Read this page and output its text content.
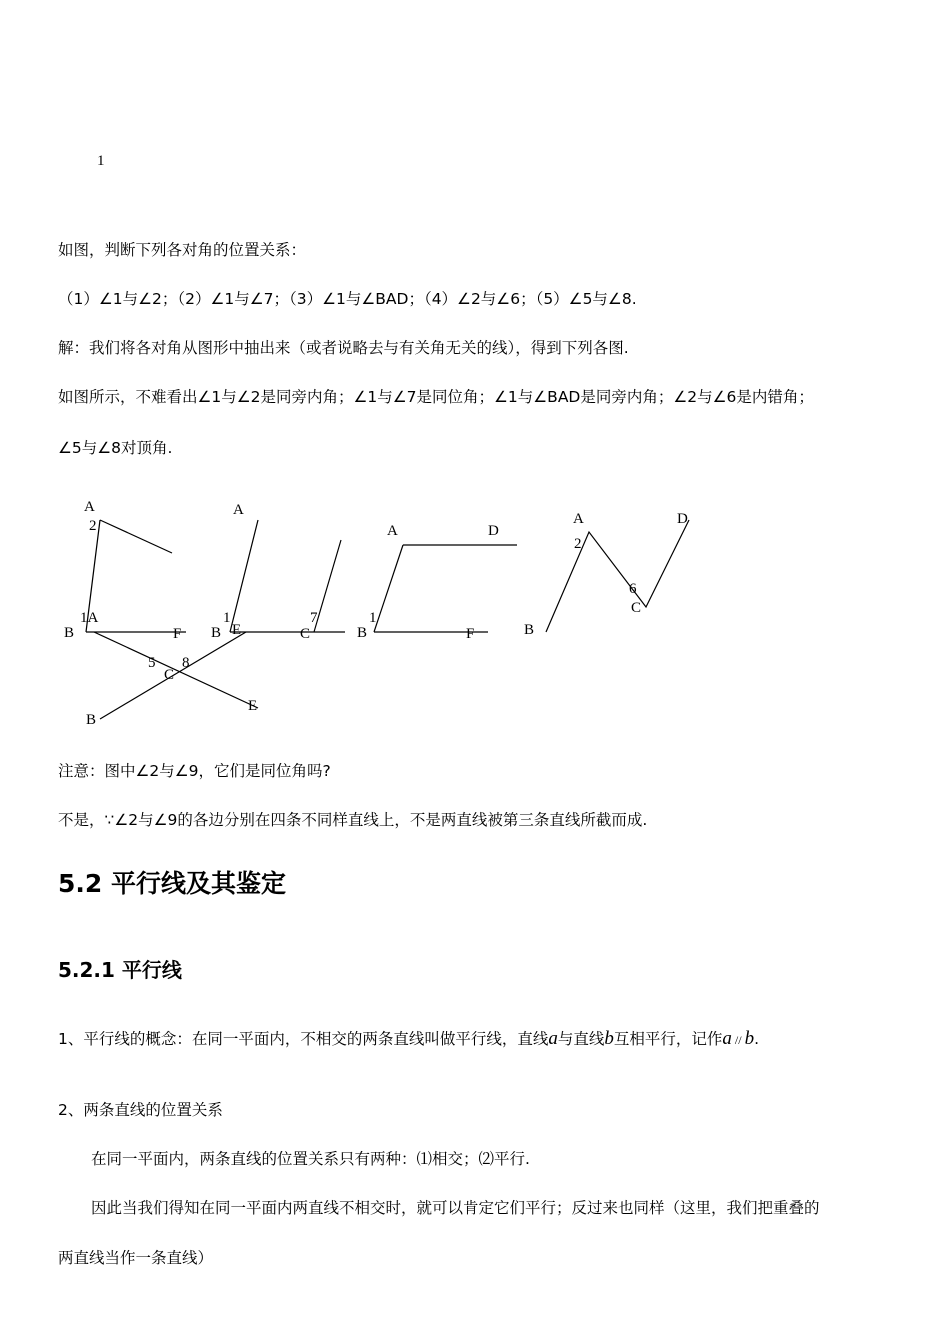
1
如图，判断下列各对角的位置关系：
（1）∠1与∠2；（2）∠1与∠7；（3）∠1与∠BAD；（4）∠2与∠6；（5）∠5与∠8.
解：我们将各对角从图形中抽出来（或者说略去与有关角无关的线），得到下列各图.
如图所示，不难看出∠1与∠2是同旁内角；∠1与∠7是同位角；∠1与∠BAD是同旁内角；∠2与∠6是内错角；
∠5与∠8对顶角.
A
2
1A
B	F
5 8
C
B
E
A
1
B E
7
C
A	D
1
B	F
A	D
2
6
C
B
注意：图中∠2与∠9，它们是同位角吗?
不是，∵∠2与∠9的各边分别在四条不同样直线上，不是两直线被第三条直线所截而成.
5.2 平行线及其鉴定
5.2.1 平行线
1、平行线的概念：在同一平面内，不相交的两条直线叫做平行线，直线a与直线b互相平行，记作a // b.
2、两条直线的位置关系
在同一平面内，两条直线的位置关系只有两种：⑴相交；⑵平行.
因此当我们得知在同一平面内两直线不相交时，就可以肯定它们平行；反过来也同样（这里，我们把重叠的
两直线当作一条直线）
